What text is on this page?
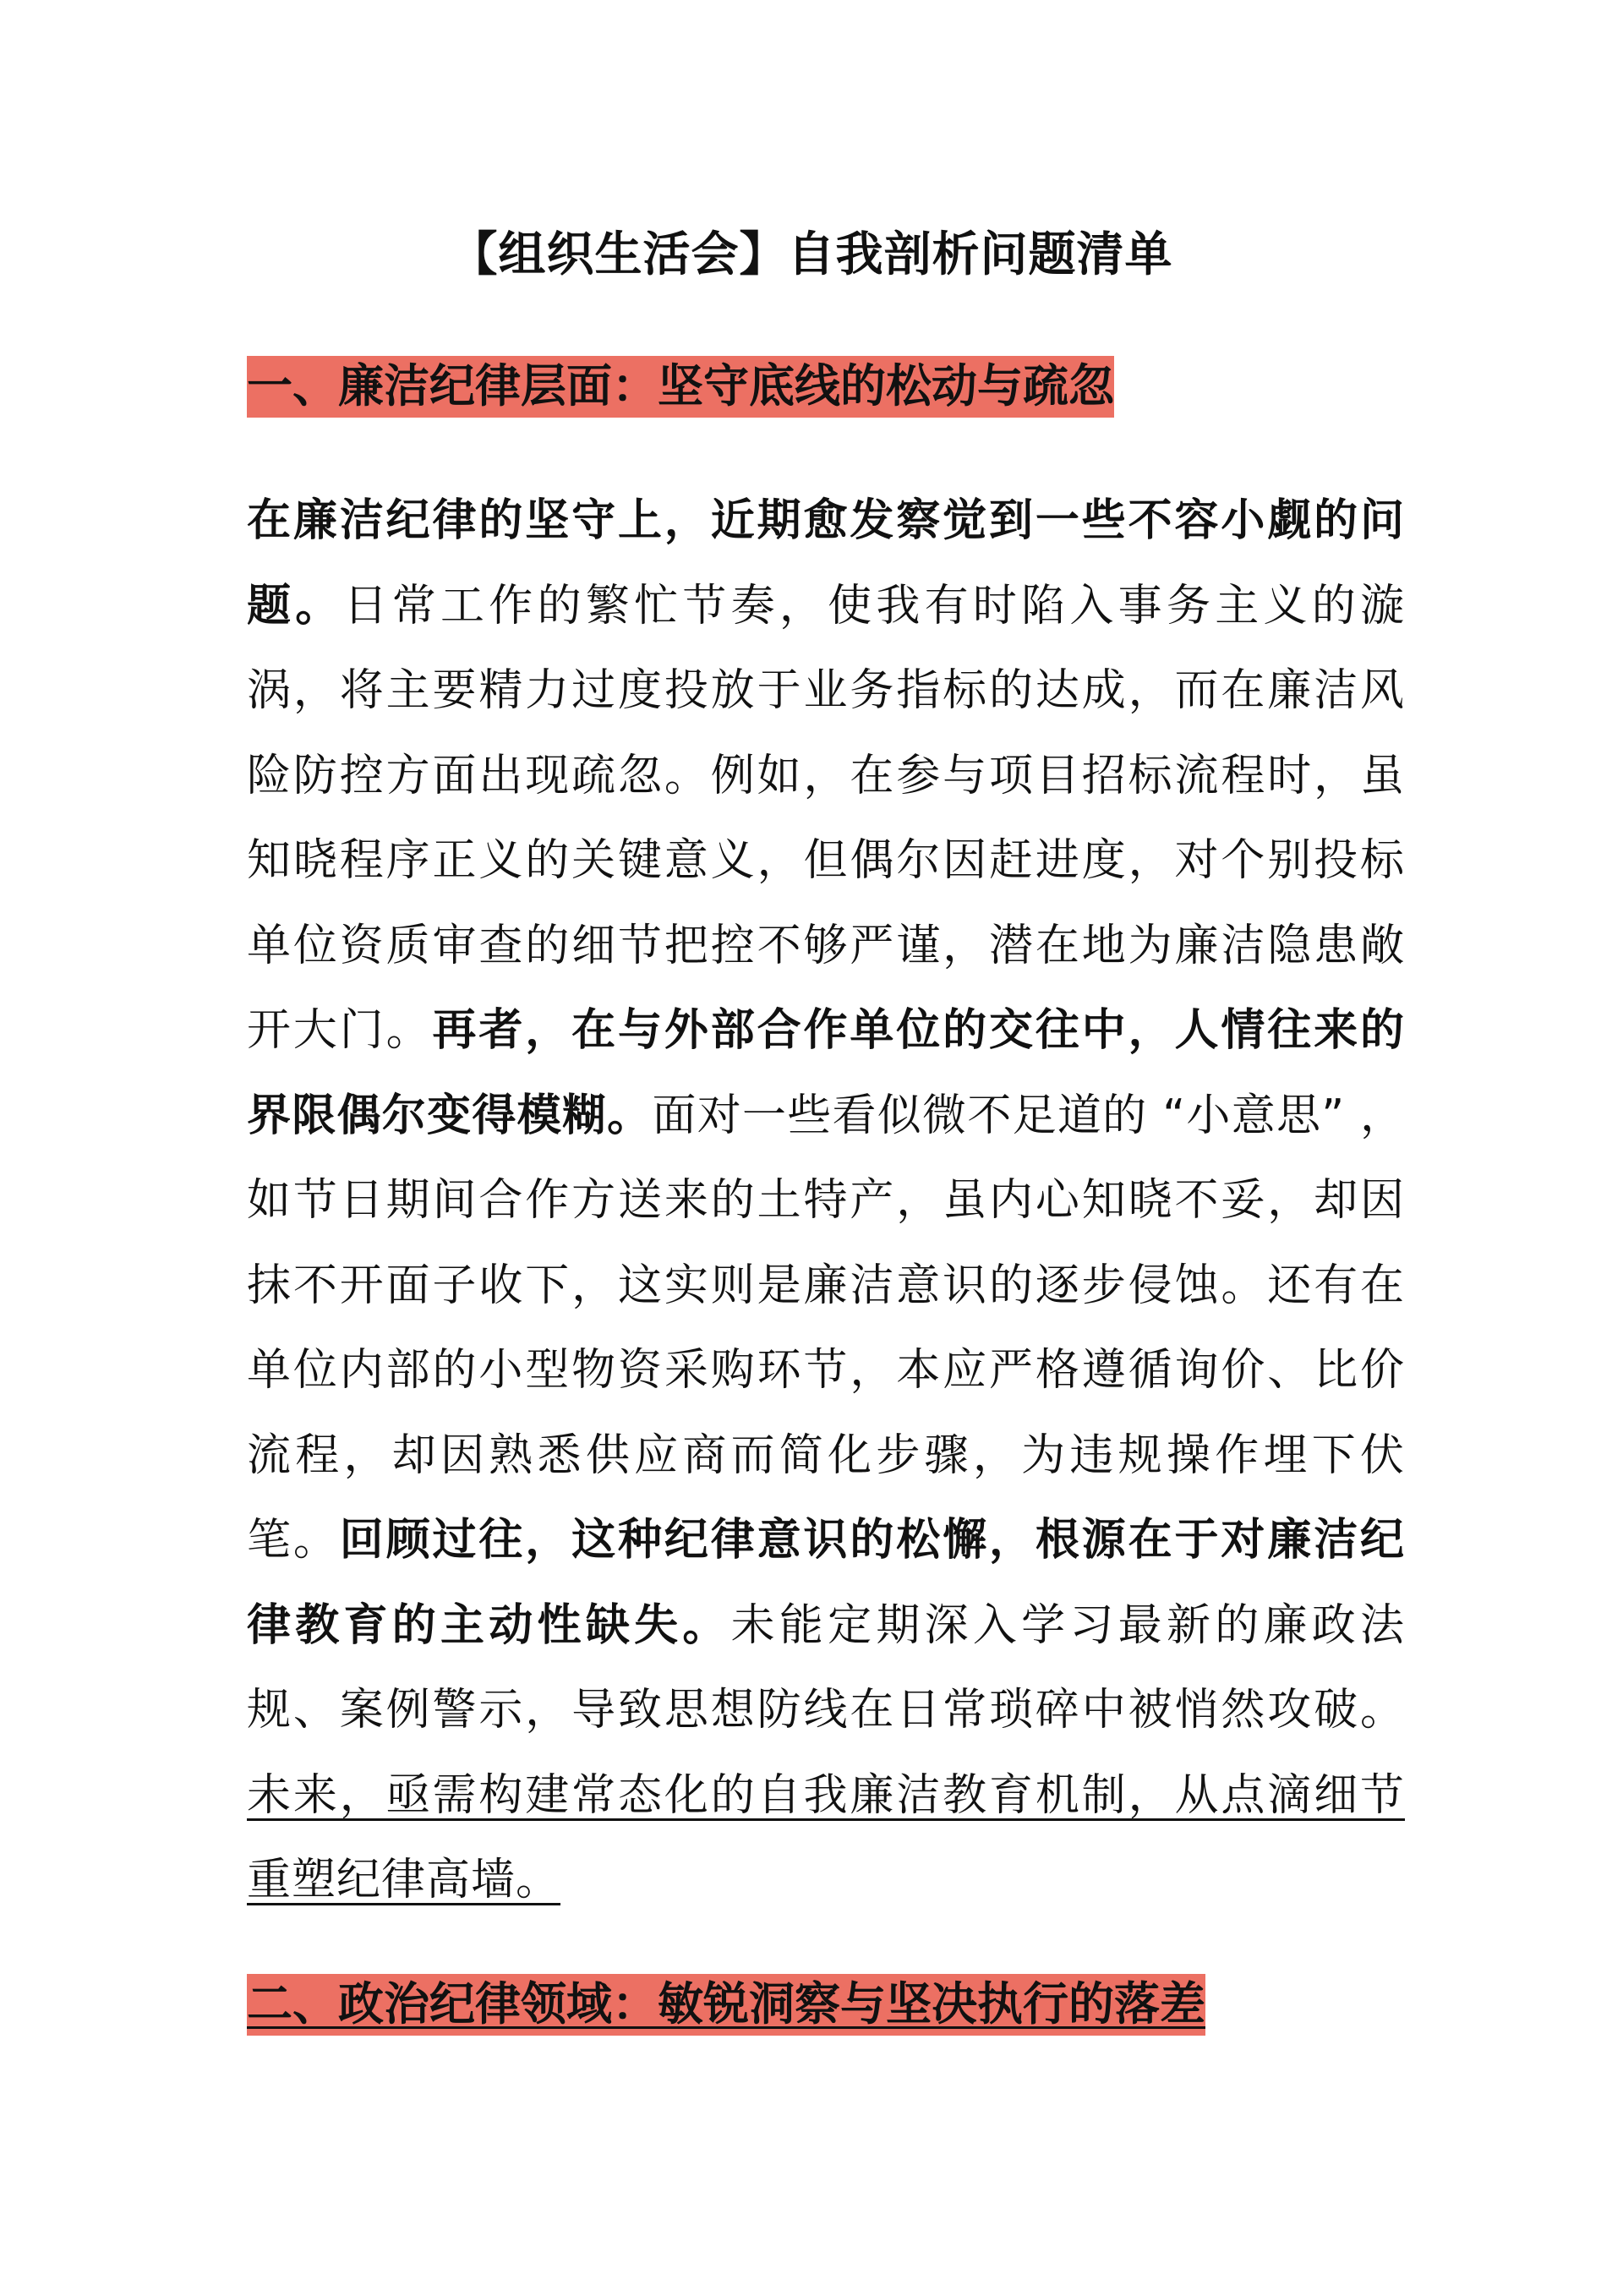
【组织生活会】自我剖析问题清单
一、廉洁纪律层面：坚守底线的松动与疏忽

在廉洁纪律的坚守上，近期愈发察觉到一些不容小觑的问题。日常工作的繁忙节奏，使我有时陷入事务主义的漩涡，将主要精力过度投放于业务指标的达成，而在廉洁风险防控方面出现疏忽。例如，在参与项目招标流程时，虽知晓程序正义的关键意义，但偶尔因赶进度，对个别投标单位资质审查的细节把控不够严谨，潜在地为廉洁隐患敞开大门。再者，在与外部合作单位的交往中，人情往来的界限偶尔变得模糊。面对一些看似微不足道的 “小意思” ，如节日期间合作方送来的土特产，虽内心知晓不妥，却因抹不开面子收下，这实则是廉洁意识的逐步侵蚀。还有在单位内部的小型物资采购环节，本应严格遵循询价、比价流程，却因熟悉供应商而简化步骤，为违规操作埋下伏笔。回顾过往，这种纪律意识的松懈，根源在于对廉洁纪律教育的主动性缺失。未能定期深入学习最新的廉政法规、案例警示，导致思想防线在日常琐碎中被悄然攻破。未来，亟需构建常态化的自我廉洁教育机制，从点滴细节重塑纪律高墙。

二、政治纪律领域：敏锐洞察与坚决执行的落差
